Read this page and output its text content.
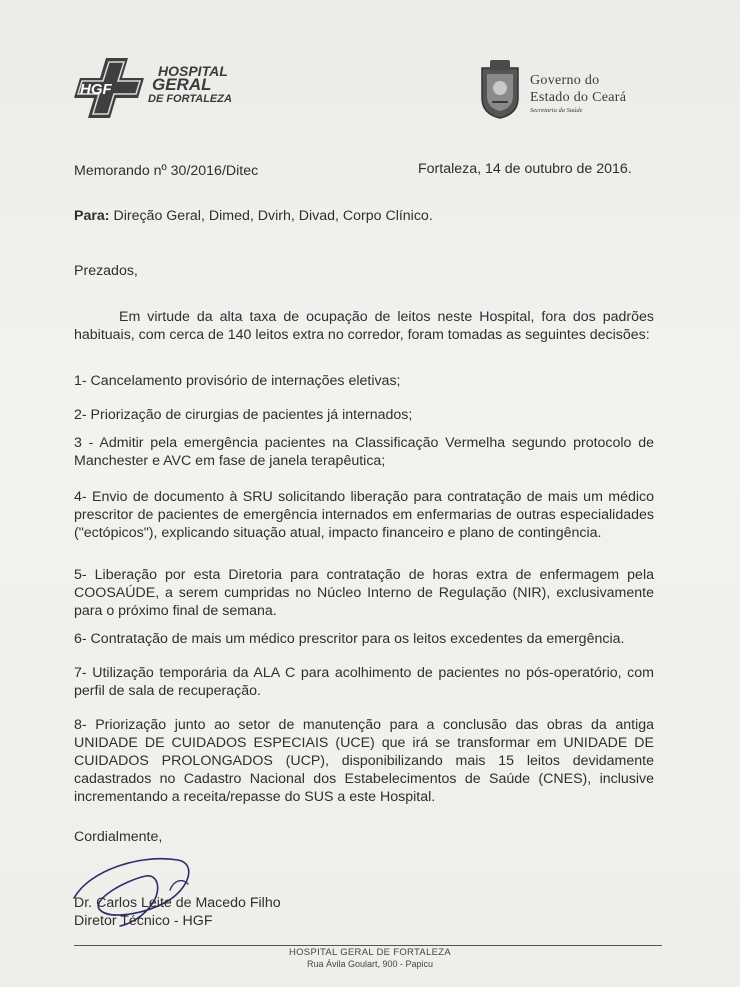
HGF
HOSPITAL
GERAL
DE FORTALEZA
Governo do
Estado do Ceará
Secretaria da Saúde
Memorando nº 30/2016/Ditec	Fortaleza, 14 de outubro de 2016.
Para: Direção Geral, Dimed, Dvirh, Divad, Corpo Clínico.
Prezados,
Em virtude da alta taxa de ocupação de leitos neste Hospital, fora dos padrões habituais, com cerca de 140 leitos extra no corredor, foram tomadas as seguintes decisões:
1- Cancelamento provisório de internações eletivas;
2- Priorização de cirurgias de pacientes já internados;
3 - Admitir pela emergência pacientes na Classificação Vermelha segundo protocolo de Manchester e AVC em fase de janela terapêutica;
4- Envio de documento à SRU solicitando liberação para contratação de mais um médico prescritor de pacientes de emergência internados em enfermarias de outras especialidades ("ectópicos"), explicando situação atual, impacto financeiro e plano de contingência.
5- Liberação por esta Diretoria para contratação de horas extra de enfermagem pela COOSAÚDE, a serem cumpridas no Núcleo Interno de Regulação (NIR), exclusivamente para o próximo final de semana.
6- Contratação de mais um médico prescritor para os leitos excedentes da emergência.
7- Utilização temporária da ALA C para acolhimento de pacientes no pós-operatório, com perfil de sala de recuperação.
8- Priorização junto ao setor de manutenção para a conclusão das obras da antiga UNIDADE DE CUIDADOS ESPECIAIS (UCE) que irá se transformar em UNIDADE DE CUIDADOS PROLONGADOS (UCP), disponibilizando mais 15 leitos devidamente cadastrados no Cadastro Nacional dos Estabelecimentos de Saúde (CNES), inclusive incrementando a receita/repasse do SUS a este Hospital.
Cordialmente,
Dr. Carlos Leite de Macedo Filho
Diretor Técnico - HGF
HOSPITAL GERAL DE FORTALEZA
Rua Ávila Goulart, 900 - Papicu
